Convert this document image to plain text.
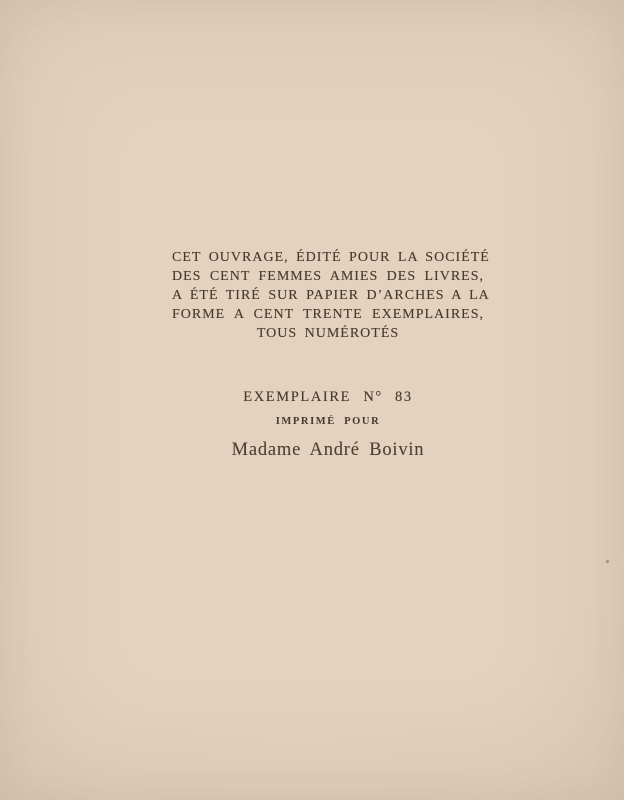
CET OUVRAGE, ÉDITÉ POUR LA SOCIÉTÉ
DES CENT FEMMES AMIES DES LIVRES,
A ÉTÉ TIRÉ SUR PAPIER D’ARCHES A LA
FORME A CENT TRENTE EXEMPLAIRES,
TOUS NUMÉROTÉS
EXEMPLAIRE N° 83
IMPRIMÉ POUR
Madame André Boivin
